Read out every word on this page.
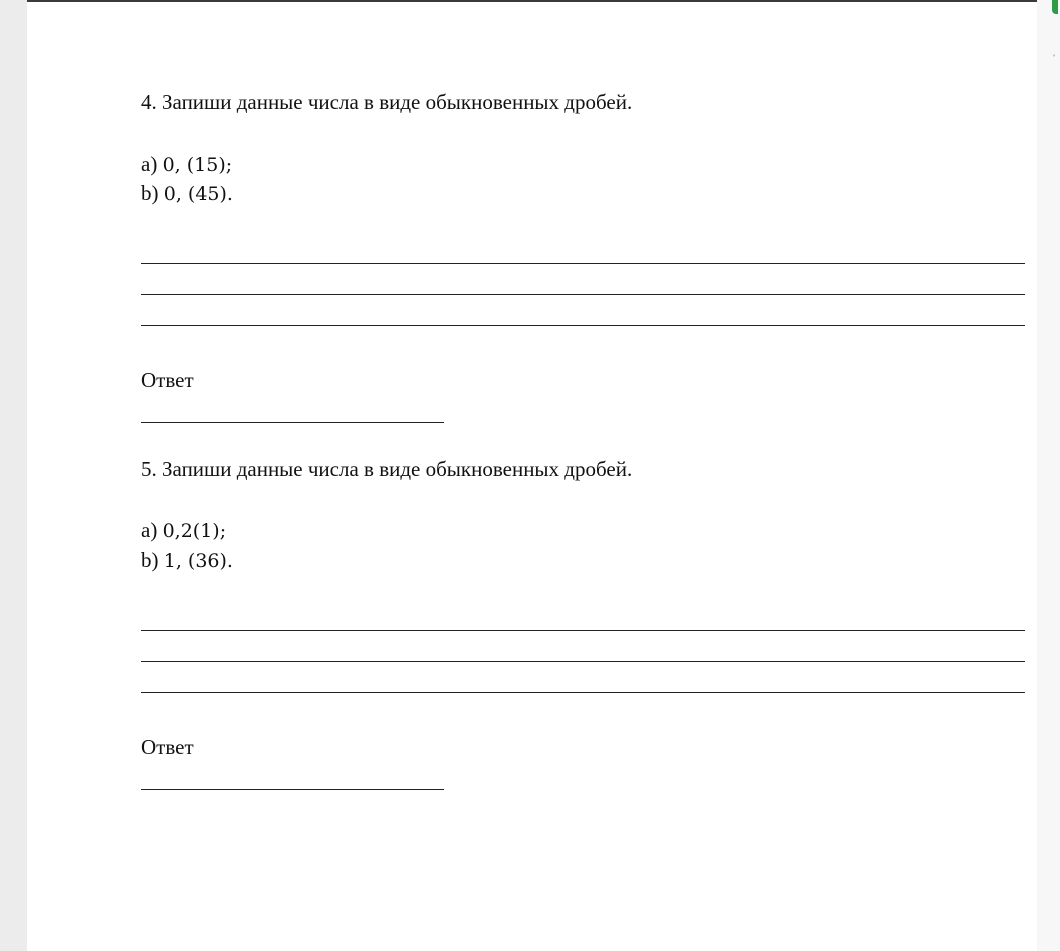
˅
4. Запиши данные числа в виде обыкновенных дробей.
a) 0, (15);
b) 0, (45).
Ответ
5. Запиши данные числа в виде обыкновенных дробей.
a) 0,2(1);
b) 1, (36).
Ответ
